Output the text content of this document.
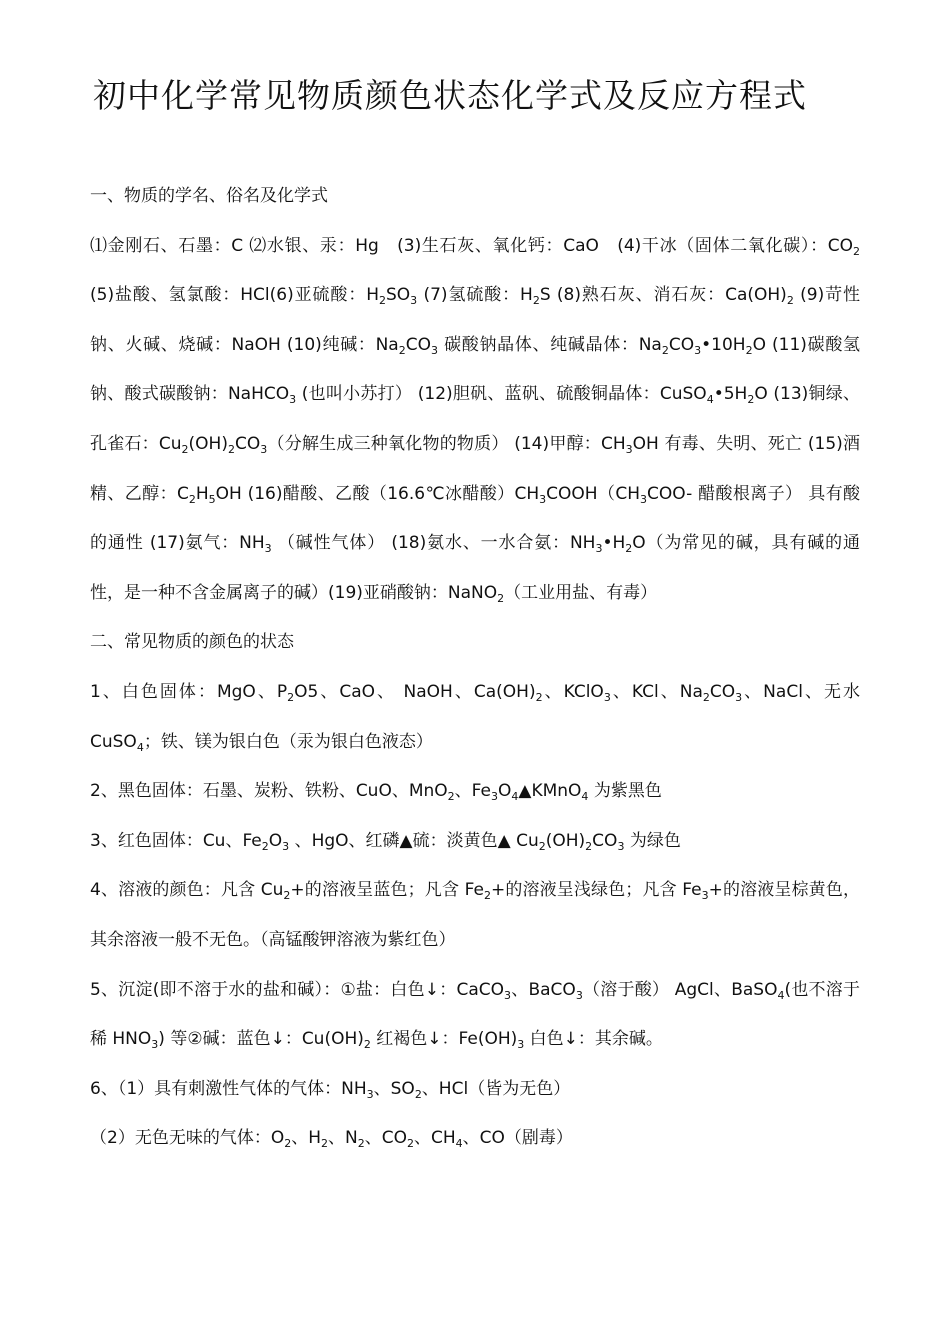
初中化学常见物质颜色状态化学式及反应方程式

一、物质的学名、俗名及化学式

⑴金刚石、石墨：C ⑵水银、汞：Hg　(3)生石灰、氧化钙：CaO　(4)干冰（固体二氧化碳）：$CO_2$ (5)盐酸、氢氯酸：HCl(6)亚硫酸：$H_2SO_3$ (7)氢硫酸：$H_2S$ (8)熟石灰、消石灰：$Ca(OH)_2$ (9)苛性钠、火碱、烧碱：NaOH (10)纯碱：$Na_2CO_3$ 碳酸钠晶体、纯碱晶体：$Na_2CO_3•10H_2O$ (11)碳酸氢钠、酸式碳酸钠：NaHCO$_3$ (也叫小苏打） (12)胆矾、蓝矾、硫酸铜晶体：$CuSO_4•5H_2O$ (13)铜绿、孔雀石：$Cu_2(OH)_2CO_3$（分解生成三种氧化物的物质） (14)甲醇：$CH_3OH$ 有毒、失明、死亡 (15)酒精、乙醇：$C_2H_5OH$ (16)醋酸、乙酸（16.6℃冰醋酸）$CH_3COOH(CH_3COO-$ 醋酸根离子） 具有酸的通性 (17)氨气：$NH_3$ （碱性气体） (18)氨水、一水合氨：$NH_3•H_2O$（为常见的碱，具有碱的通性，是一种不含金属离子的碱）(19)亚硝酸钠：NaNO$_2$（工业用盐、有毒）

二、常见物质的颜色的状态

1、白色固体：MgO、$P_2O5$、CaO、 NaOH、$Ca(OH)_2$、KClO$_3$、KCl、$Na_2CO_3$、NaCl、无水 CuSO$_4$；铁、镁为银白色（汞为银白色液态）

2、黑色固体：石墨、炭粉、铁粉、CuO、MnO$_2$、$Fe_3O_4▲KMnO_4$ 为紫黑色

3、红色固体：Cu、$Fe_2O_3$ 、HgO、红磷▲硫：淡黄色▲ $Cu_2(OH)_2CO_3$ 为绿色

4、溶液的颜色：凡含 $Cu_2+$的溶液呈蓝色；凡含 $Fe_2+$的溶液呈浅绿色；凡含 $Fe_3+$的溶液呈棕黄色，其余溶液一般不无色。（高锰酸钾溶液为紫红色）

5、沉淀(即不溶于水的盐和碱）：①盐：白色↓：CaCO$_3$、BaCO$_3$（溶于酸） AgCl、BaSO$_4$(也不溶于稀 $HNO_3$) 等②碱：蓝色↓：$Cu(OH)_2$ 红褐色↓：$Fe(OH)_3$ 白色↓：其余碱。

6、（1）具有刺激性气体的气体：$NH_3$、$SO_2$、HCl（皆为无色）

（2）无色无味的气体：$O_2$、$H_2$、$N_2$、$CO_2$、$CH_4$、CO（剧毒）
